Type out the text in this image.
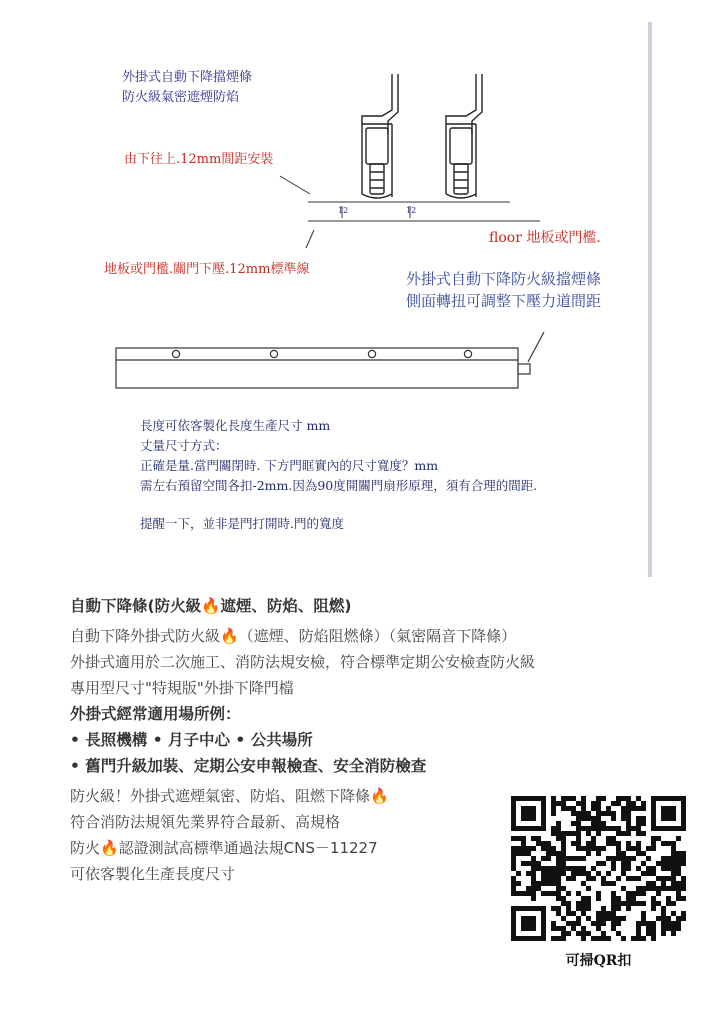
外掛式自動下降擋煙條
防火級氣密遮煙防焰
由下往上.12mm間距安裝
12	12
floor 地板或門檻.
地板或門檻.關門下壓.12mm標準線
外掛式自動下降防火級擋煙條
側面轉扭可調整下壓力道間距
長度可依客製化長度生產尺寸 mm
丈量尺寸方式：
正確是量.當門關閉時. 下方門眶實內的尺寸寬度？mm
需左右預留空間各扣-2mm.因為90度開關門扇形原理，須有合理的間距.
提醒一下，並非是門打開時.門的寬度
自動下降條(防火級🔥遮煙、防焰、阻燃)
自動下降外掛式防火級🔥（遮煙、防焰阻燃條）（氣密隔音下降條）
外掛式適用於二次施工、消防法規安檢，符合標準定期公安檢查防火級
專用型尺寸"特規版"外掛下降門檔
外掛式經常適用場所例：
• 長照機構 • 月子中心 • 公共場所
• 舊門升級加裝、定期公安申報檢查、安全消防檢查
防火級！外掛式遮煙氣密、防焰、阻燃下降條🔥
符合消防法規領先業界符合最新、高規格
防火🔥認證測試高標準通過法規CNS－11227
可依客製化生產長度尺寸
可掃QR扣
